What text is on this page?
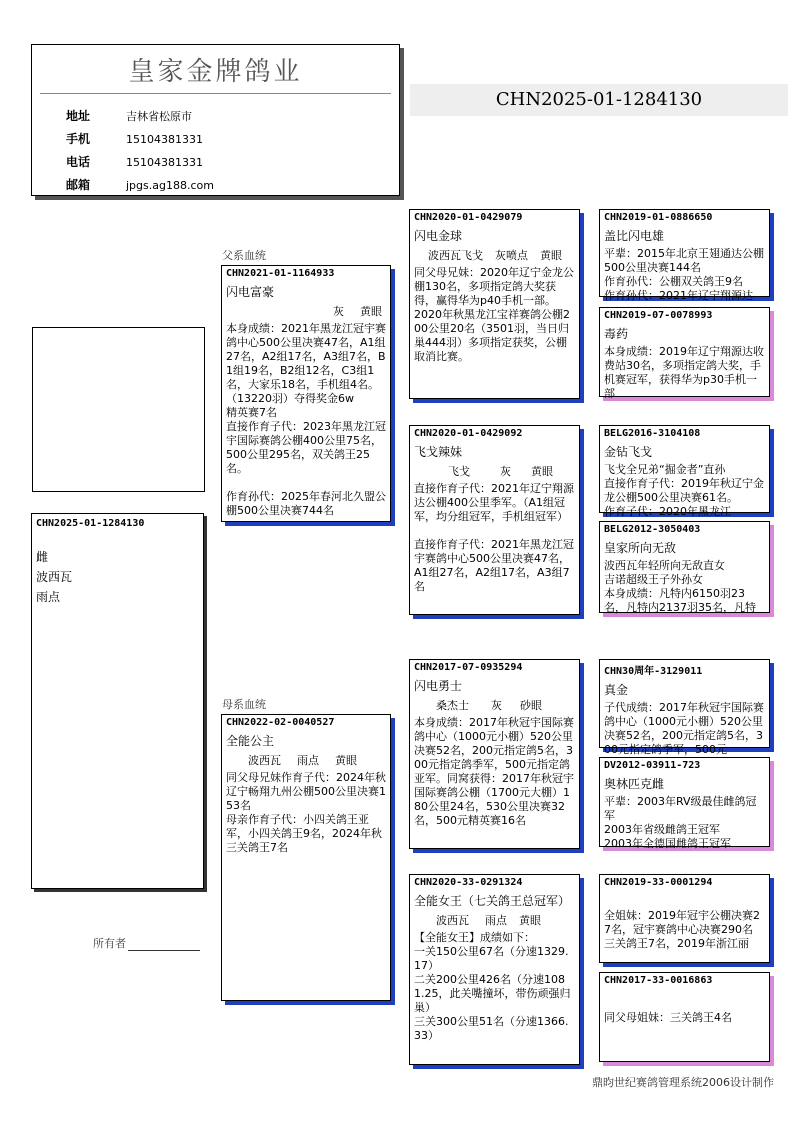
皇家金牌鸽业
地址	吉林省松原市
手机	15104381331
电话	15104381331
邮箱	jpgs.ag188.com
CHN2025-01-1284130
父系血统
母系血统
CHN2025-01-1284130
雌
波西瓦
雨点
CHN2021-01-1164933
闪电富豪
灰 黄眼
本身成绩：2021年黑龙江冠宇赛鸽中心500公里决赛47名，A1组27名，A2组17名，A3组7名，B1组19名，B2组12名，C3组1名，大家乐18名，手机组4名。（13220羽）夺得奖金6w
精英赛7名
直接作育子代：2023年黑龙江冠宇国际赛鸽公棚400公里75名，500公里295名，双关鸽王25名。

作育孙代：2025年春河北久盟公棚500公里决赛744名
CHN2022-02-0040527
全能公主
波西瓦 雨点 黄眼
同父母兄妹作育子代：2024年秋辽宁畅翔九州公棚500公里决赛153名
母亲作育子代：小四关鸽王亚军，小四关鸽王9名，2024年秋三关鸽王7名
CHN2020-01-0429079
闪电金球
波西瓦飞戈 灰喷点 黄眼
同父母兄妹：2020年辽宁金龙公棚130名，多项指定鸽大奖获得，赢得华为p40手机一部。
2020年秋黑龙江宝祥赛鸽公棚200公里20名（3501羽，当日归巢444羽）多项指定获奖，公棚取消比赛。
CHN2020-01-0429092
飞戈辣妹
飞戈	灰 黄眼
直接作育子代：2021年辽宁翔源达公棚400公里季军。（A1组冠军，均分组冠军，手机组冠军）

直接作育子代：2021年黑龙江冠宇赛鸽中心500公里决赛47名，A1组27名，A2组17名，A3组7名
CHN2017-07-0935294
闪电勇士
桑杰士 灰 砂眼
本身成绩：2017年秋冠宇国际赛鸽中心（1000元小棚）520公里决赛52名，200元指定鸽5名，300元指定鸽季军，500元指定鸽亚军。同窝获得：2017年秋冠宇国际赛鸽公棚（1700元大棚）180公里24名，530公里决赛32名，500元精英赛16名
CHN2020-33-0291324
全能女王（七关鸽王总冠军）
波西瓦 雨点 黄眼
【全能女王】成绩如下：
一关150公里67名（分速1329.17）
二关200公里426名（分速1081.25，此关嘴撞坏，带伤顽强归巢）
三关300公里51名（分速1366.33）
CHN2019-01-0886650
盖比闪电雄
平辈：2015年北京王翅通达公棚500公里决赛144名
作育孙代：公棚双关鸽王9名
作育孙代：2021年辽宁翔源达
CHN2019-07-0078993
毒药
本身成绩：2019年辽宁翔源达收费站30名，多项指定鸽大奖，手机赛冠军，获得华为p30手机一部
BELG2016-3104108
金钻飞戈
飞戈全兄弟“掘金者”直孙
直接作育子代：2019年秋辽宁金龙公棚500公里决赛61名。
作育子代：2020年黑龙江
BELG2012-3050403
皇家所向无敌
波西瓦年轻所向无敌直女
吉诺超级王子外孙女
本身成绩：凡特内6150羽23名，凡特内2137羽35名，凡特
CHN30周年-3129011
真金
子代成绩：2017年秋冠宇国际赛鸽中心（1000元小棚）520公里决赛52名，200元指定鸽5名，300元指定鸽季军，500元
DV2012-03911-723
奥林匹克雌
平辈：2003年RV级最佳雌鸽冠军
2003年省级雌鸽王冠军
2003年全德国雌鸽王冠军
CHN2019-33-0001294
全姐妹：2019年冠宇公棚决赛27名，冠宇赛鸽中心决赛290名
三关鸽王7名，2019年浙江丽
CHN2017-33-0016863
同父母姐妹：三关鸽王4名
所有者
鼎昀世纪赛鸽管理系统2006设计制作
